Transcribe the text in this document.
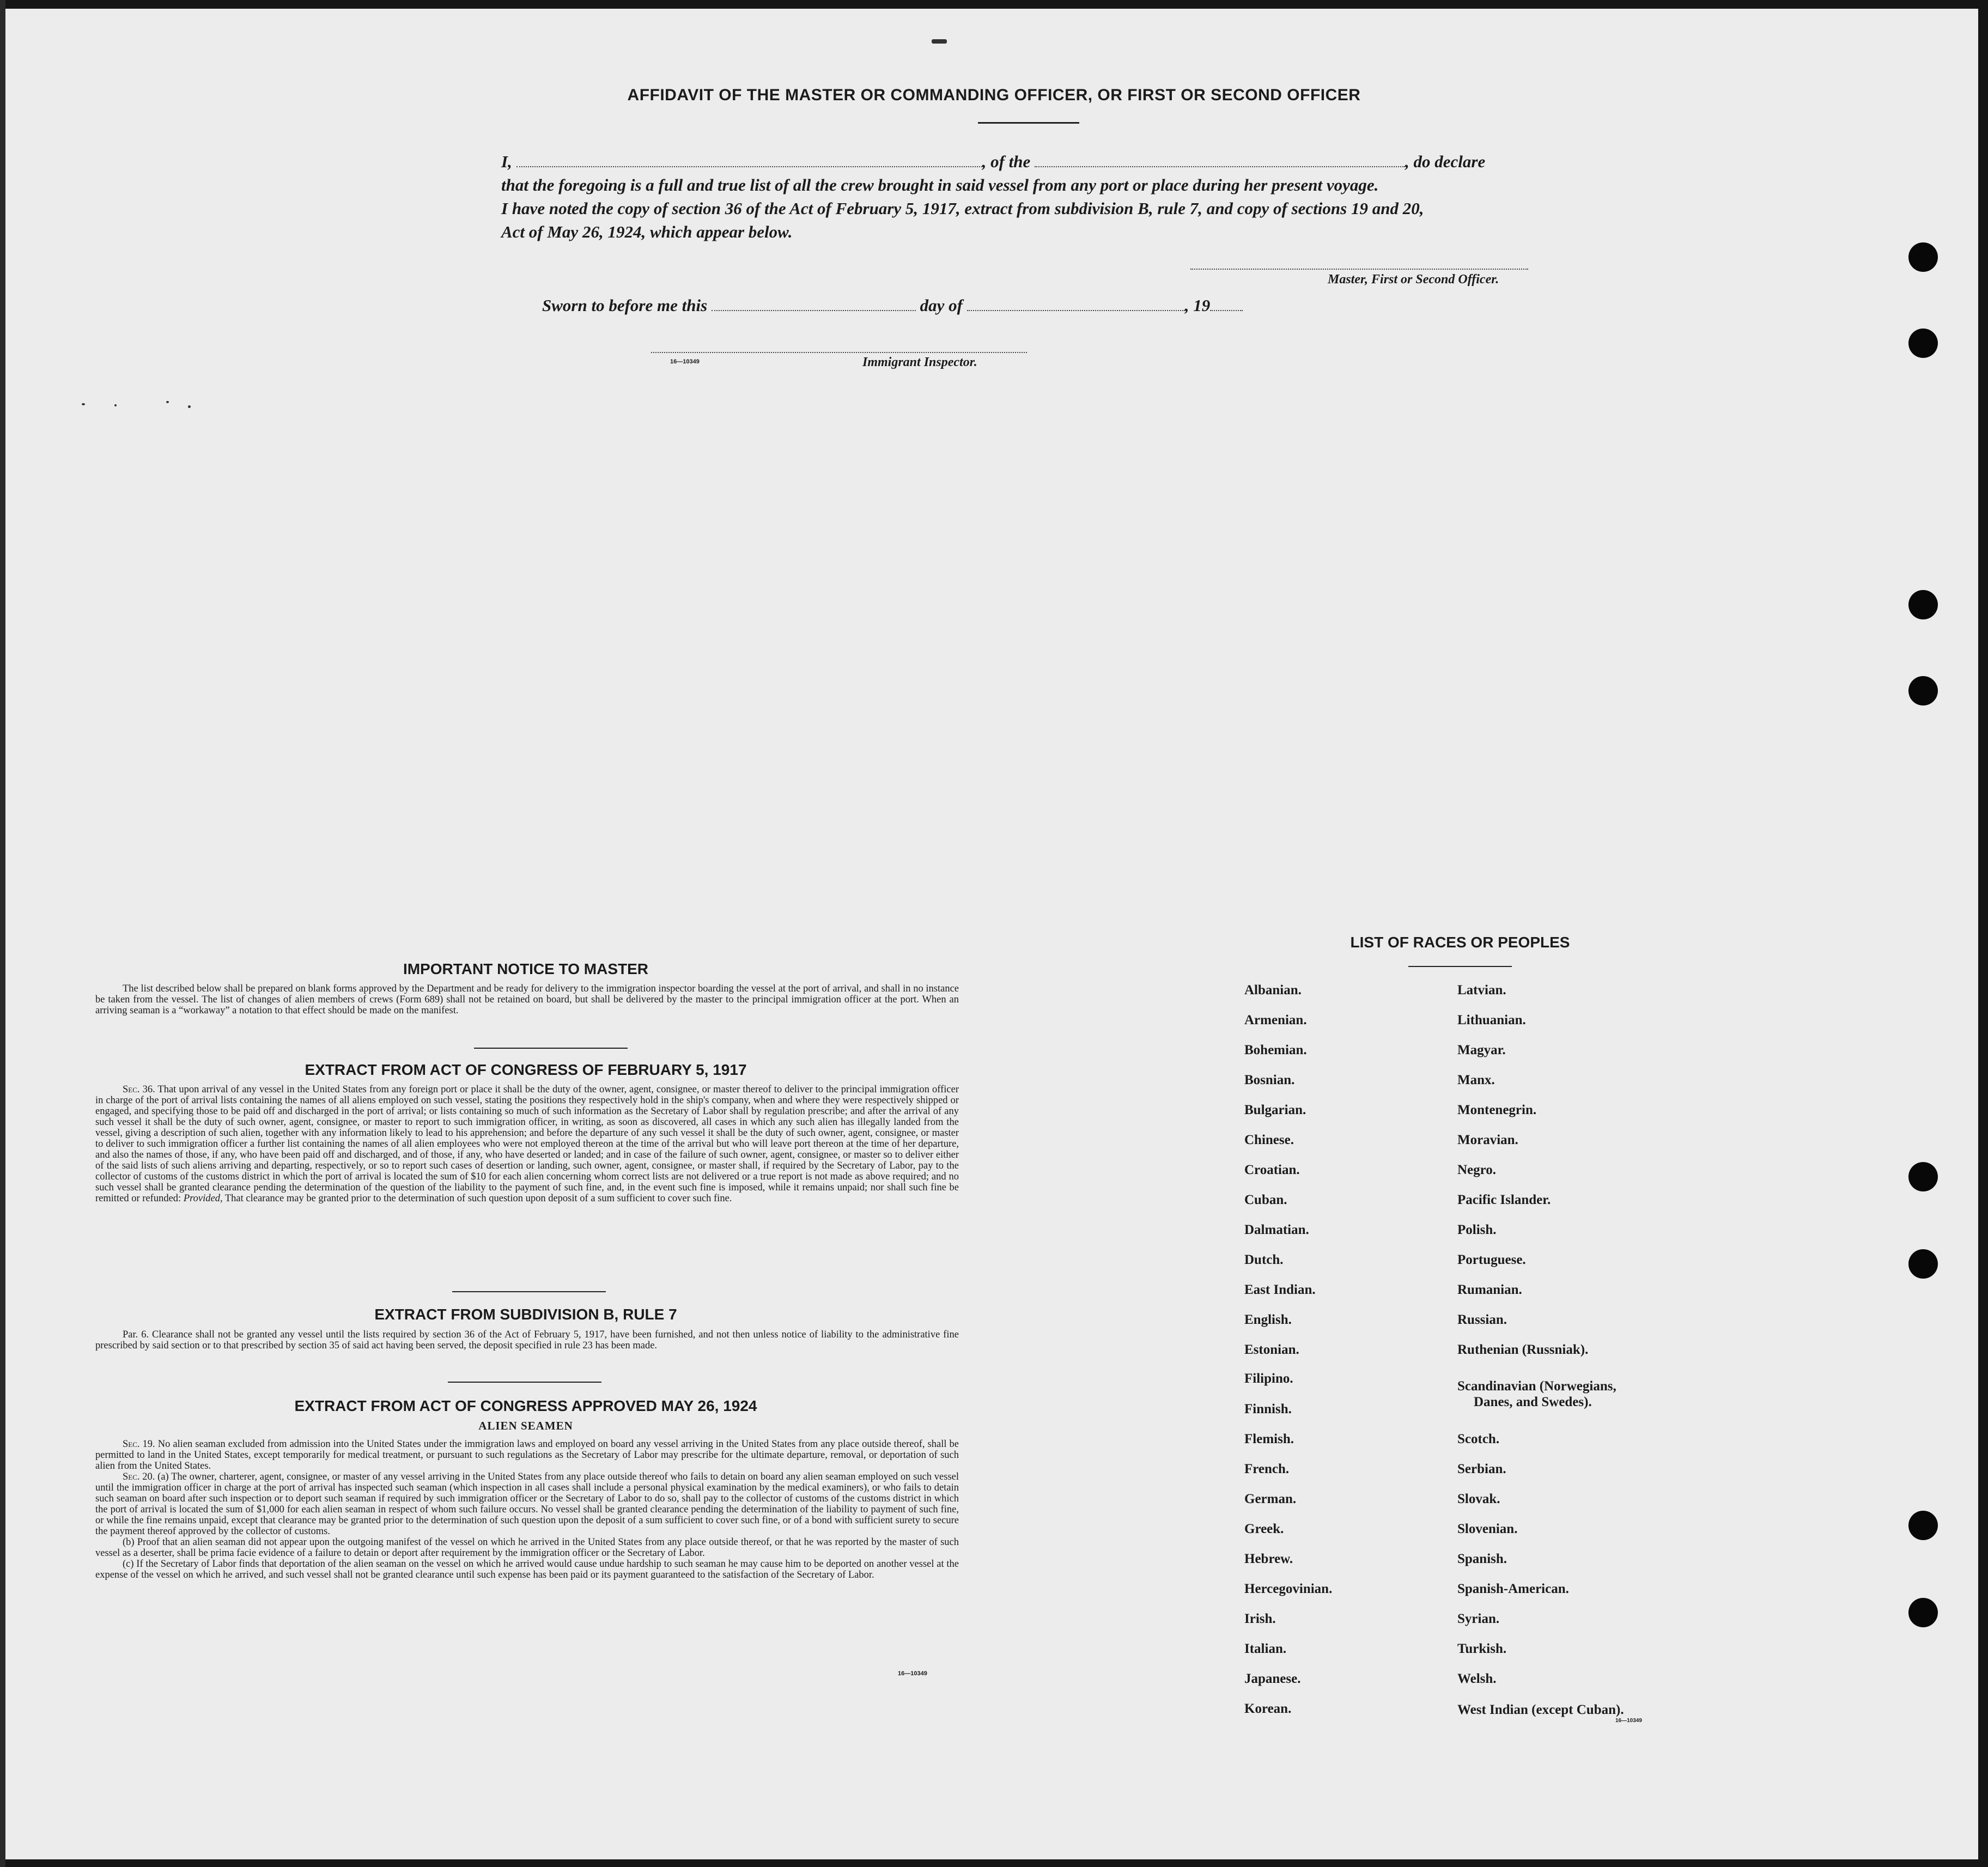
AFFIDAVIT OF THE MASTER OR COMMANDING OFFICER, OR FIRST OR SECOND OFFICER
I,	, of the	, do declare
that the foregoing is a full and true list of all the crew brought in said vessel from any port or place during her present voyage.
I have noted the copy of section 36 of the Act of February 5, 1917, extract from subdivision B, rule 7, and copy of sections 19 and 20,
Act of May 26, 1924, which appear below.
Master, First or Second Officer.
Sworn to before me this	day of	, 19
16—10349	Immigrant Inspector.
IMPORTANT NOTICE TO MASTER

The list described below shall be prepared on blank forms approved by the Department and be ready for delivery to the immigration inspector boarding the vessel at the port of arrival, and shall in no instance be taken from the vessel. The list of changes of alien members of crews (Form 689) shall not be retained on board, but shall be delivered by the master to the principal immigration officer at the port. When an arriving seaman is a “workaway” a notation to that effect should be made on the manifest.

EXTRACT FROM ACT OF CONGRESS OF FEBRUARY 5, 1917

Sec. 36. That upon arrival of any vessel in the United States from any foreign port or place it shall be the duty of the owner, agent, consignee, or master thereof to deliver to the principal immigration officer in charge of the port of arrival lists containing the names of all aliens employed on such vessel, stating the positions they respectively hold in the ship's company, when and where they were respectively shipped or engaged, and specifying those to be paid off and discharged in the port of arrival; or lists containing so much of such information as the Secretary of Labor shall by regulation prescribe; and after the arrival of any such vessel it shall be the duty of such owner, agent, consignee, or master to report to such immigration officer, in writing, as soon as discovered, all cases in which any such alien has illegally landed from the vessel, giving a description of such alien, together with any information likely to lead to his apprehension; and before the departure of any such vessel it shall be the duty of such owner, agent, consignee, or master to deliver to such immigration officer a further list containing the names of all alien employees who were not employed thereon at the time of the arrival but who will leave port thereon at the time of her departure, and also the names of those, if any, who have been paid off and discharged, and of those, if any, who have deserted or landed; and in case of the failure of such owner, agent, consignee, or master so to deliver either of the said lists of such aliens arriving and departing, respectively, or so to report such cases of desertion or landing, such owner, agent, consignee, or master shall, if required by the Secretary of Labor, pay to the collector of customs of the customs district in which the port of arrival is located the sum of $10 for each alien concerning whom correct lists are not delivered or a true report is not made as above required; and no such vessel shall be granted clearance pending the determination of the question of the liability to the payment of such fine, and, in the event such fine is imposed, while it remains unpaid; nor shall such fine be remitted or refunded: Provided, That clearance may be granted prior to the determination of such question upon deposit of a sum sufficient to cover such fine.

EXTRACT FROM SUBDIVISION B, RULE 7

Par. 6. Clearance shall not be granted any vessel until the lists required by section 36 of the Act of February 5, 1917, have been furnished, and not then unless notice of liability to the administrative fine prescribed by said section or to that prescribed by section 35 of said act having been served, the deposit specified in rule 23 has been made.

EXTRACT FROM ACT OF CONGRESS APPROVED MAY 26, 1924
ALIEN SEAMEN

Sec. 19. No alien seaman excluded from admission into the United States under the immigration laws and employed on board any vessel arriving in the United States from any place outside thereof, shall be permitted to land in the United States, except temporarily for medical treatment, or pursuant to such regulations as the Secretary of Labor may prescribe for the ultimate departure, removal, or deportation of such alien from the United States.

Sec. 20. (a) The owner, charterer, agent, consignee, or master of any vessel arriving in the United States from any place outside thereof who fails to detain on board any alien seaman employed on such vessel until the immigration officer in charge at the port of arrival has inspected such seaman (which inspection in all cases shall include a personal physical examination by the medical examiners), or who fails to detain such seaman on board after such inspection or to deport such seaman if required by such immigration officer or the Secretary of Labor to do so, shall pay to the collector of customs of the customs district in which the port of arrival is located the sum of $1,000 for each alien seaman in respect of whom such failure occurs. No vessel shall be granted clearance pending the determination of the liability to payment of such fine, or while the fine remains unpaid, except that clearance may be granted prior to the determination of such question upon the deposit of a sum sufficient to cover such fine, or of a bond with sufficient surety to secure the payment thereof approved by the collector of customs.

(b) Proof that an alien seaman did not appear upon the outgoing manifest of the vessel on which he arrived in the United States from any place outside thereof, or that he was reported by the master of such vessel as a deserter, shall be prima facie evidence of a failure to detain or deport after requirement by the immigration officer or the Secretary of Labor.

(c) If the Secretary of Labor finds that deportation of the alien seaman on the vessel on which he arrived would cause undue hardship to such seaman he may cause him to be deported on another vessel at the expense of the vessel on which he arrived, and such vessel shall not be granted clearance until such expense has been paid or its payment guaranteed to the satisfaction of the Secretary of Labor.

16—10349
LIST OF RACES OR PEOPLES
Albanian.
Armenian.
Bohemian.
Bosnian.
Bulgarian.
Chinese.
Croatian.
Cuban.
Dalmatian.
Dutch.
East Indian.
English.
Estonian.
Filipino.
Finnish.
Flemish.
French.
German.
Greek.
Hebrew.
Hercegovinian.
Irish.
Italian.
Japanese.
Korean.
Latvian.
Lithuanian.
Magyar.
Manx.
Montenegrin.
Moravian.
Negro.
Pacific Islander.
Polish.
Portuguese.
Rumanian.
Russian.
Ruthenian (Russniak).
Scandinavian (Norwegians,
Danes, and Swedes).
Scotch.
Serbian.
Slovak.
Slovenian.
Spanish.
Spanish-American.
Syrian.
Turkish.
Welsh.
West Indian (except Cuban).
16—10349
